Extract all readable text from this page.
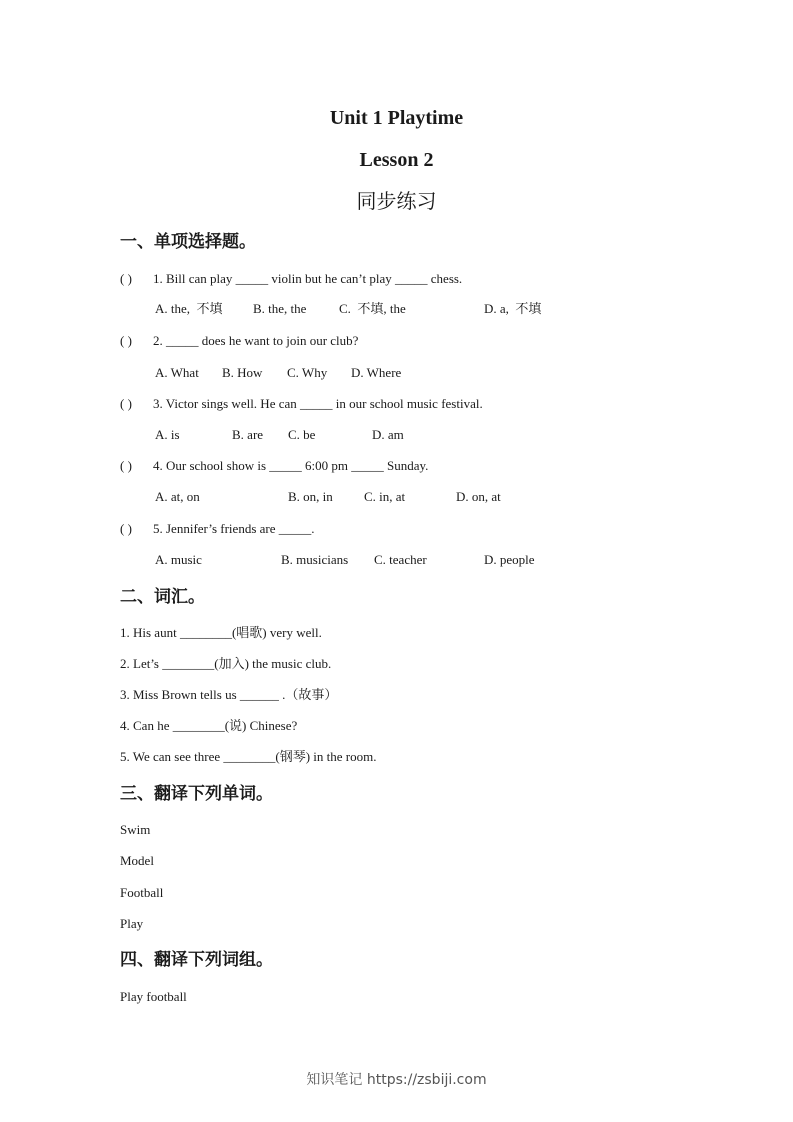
Unit 1 Playtime
Lesson 2
同步练习
一、单项选择题。
( ) 1. Bill can play _____ violin but he can’t play _____ chess.
A. the,  不填 B. the, the	C.  不填, the	D. a,  不填
( ) 2. _____ does he want to join our club?
A. What B. How C. Why D. Where
( ) 3. Victor sings well. He can _____ in our school music festival.
A. is	B. are C. be	D. am
( ) 4. Our school show is _____ 6:00 pm _____ Sunday.
A. at, on	B. on, in C. in, at	D. on, at
( ) 5. Jennifer’s friends are _____.
A. music	B. musicians C. teacher	D. people
二、词汇。
1. His aunt ________(唱歌) very well.
2. Let’s ________(加入) the music club.
3. Miss Brown tells us ______ .（故事）
4. Can he ________(说) Chinese?
5. We can see three ________(钢琴) in the room.
三、翻译下列单词。
Swim
Model
Football
Play
四、翻译下列词组。
Play football
知识笔记 https://zsbiji.com
